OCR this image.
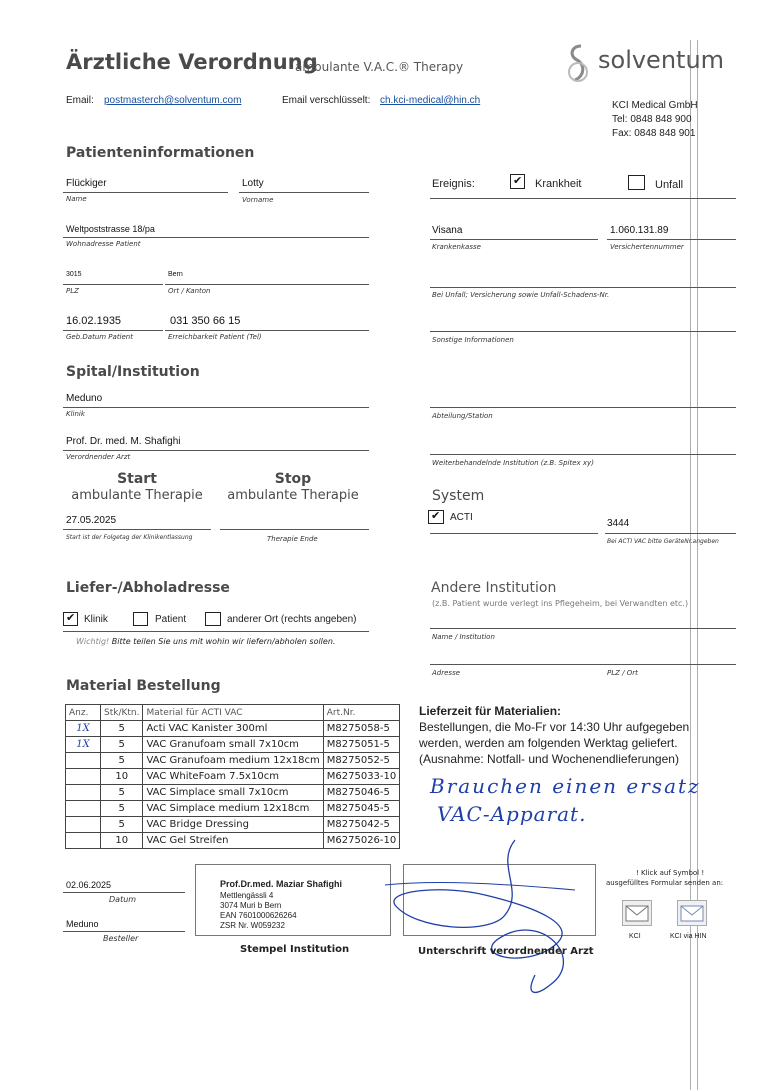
Ärztliche Verordnung
ambulante V.A.C.® Therapy	solventum
Email: postmasterch@solventum.com	Email verschlüsselt: ch.kci-medical@hin.ch	KCI Medical GmbH
Tel: 0848 848 900
Fax: 0848 848 901
Patienteninformationen
Flückiger
Name
Lotty
Vorname
Weltpoststrasse 18/pa
Wohnadresse Patient
3015
PLZ
Bern
Ort / Kanton
16.02.1935
Geb.Datum Patient
031 350 66 15
Erreichbarkeit Patient (Tel)
Ereignis:	✔ Krankheit	Unfall
Visana
Krankenkasse
1.060.131.89
Versichertennummer
Bei Unfall; Versicherung sowie Unfall-Schadens-Nr.
Sonstige Informationen
Spital/Institution
Meduno
Klinik
Prof. Dr. med. M. Shafighi
Verordnender Arzt
Abteilung/Station
Weiterbehandelnde Institution (z.B. Spitex xy)
Start
ambulante Therapie
Stop
ambulante Therapie
27.05.2025
Start ist der Folgetag der Klinikentlassung	Therapie Ende
System
✔ ACTI
3444
Bei ACTI VAC bitte GeräteNr.angeben
Liefer-/Abholadresse
✔ Klinik	Patient	anderer Ort (rechts angeben)
Wichtig! Bitte teilen Sie uns mit wohin wir liefern/abholen sollen.
Andere Institution
(z.B. Patient wurde verlegt ins Pflegeheim, bei Verwandten etc.)
Name / Institution
Adresse	PLZ / Ort
Material Bestellung
Anz.	Stk/Ktn.	Material für ACTI VAC	Art.Nr.
1X	5	Acti VAC Kanister 300ml	M8275058-5
1X	5	VAC Granufoam small 7x10cm	M8275051-5
	5	VAC Granufoam medium 12x18cm	M8275052-5
	10	VAC WhiteFoam 7.5x10cm	M6275033-10
	5	VAC Simplace small 7x10cm	M8275046-5
	5	VAC Simplace medium 12x18cm	M8275045-5
	5	VAC Bridge Dressing	M8275042-5
	10	VAC Gel Streifen	M6275026-10
Lieferzeit für Materialien:
Bestellungen, die Mo-Fr vor 14:30 Uhr aufgegeben
werden, werden am folgenden Werktag geliefert.
(Ausnahme: Notfall- und Wochenendlieferungen)
Brauchen einen ersatz
VAC-Apparat.
02.06.2025
Datum
Meduno
Besteller
Prof.Dr.med. Maziar Shafighi
Mettlengässli 4
3074 Muri b Bern
EAN 7601000626264
ZSR Nr. W059232
Stempel Institution	Unterschrift verordnender Arzt
! Klick auf Symbol !
ausgefülltes Formular senden an:
KCI	KCI via HIN
